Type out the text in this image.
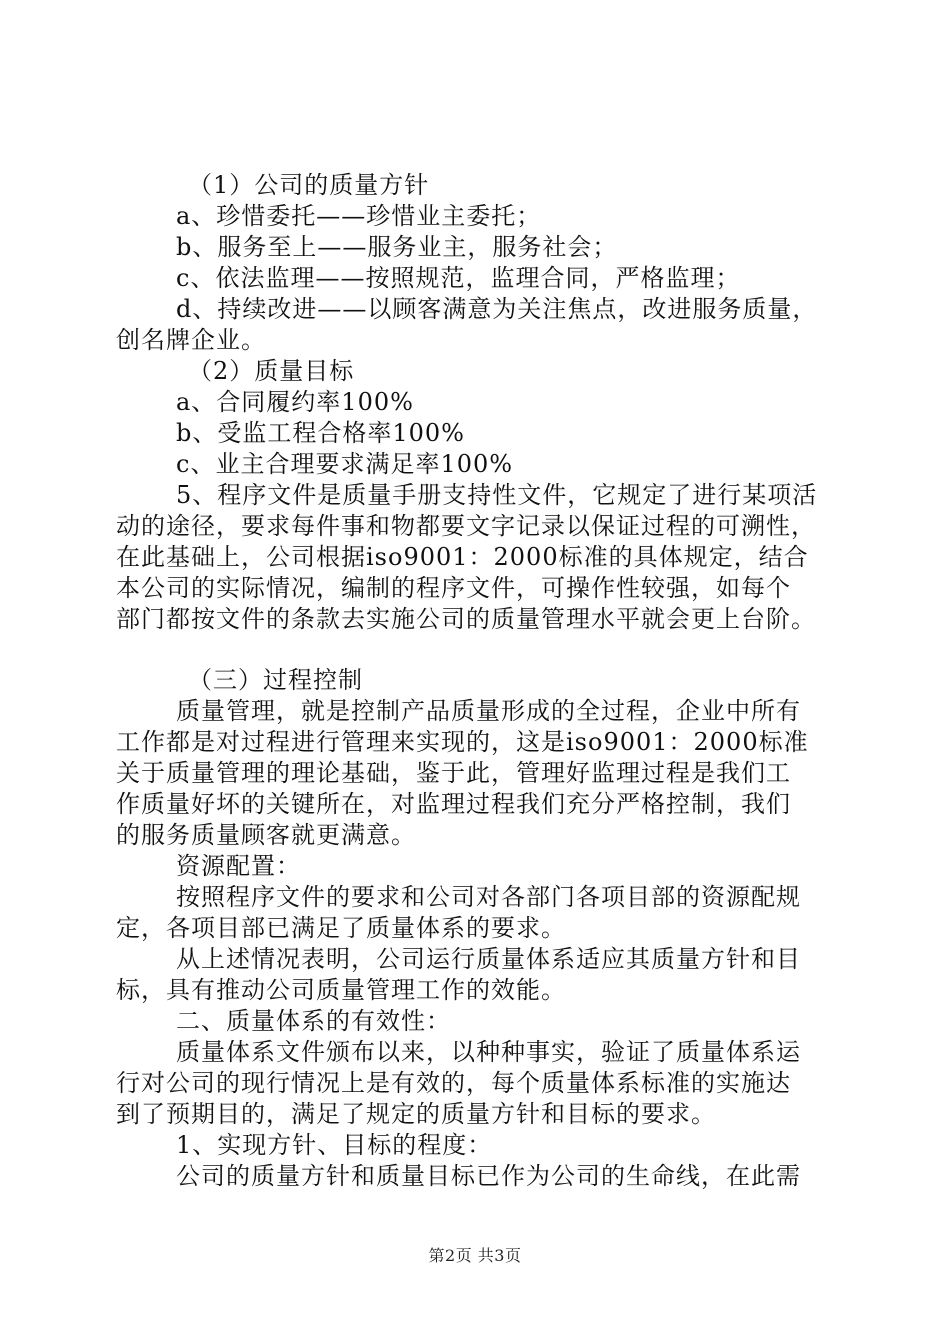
（1）公司的质量方针
a、珍惜委托——珍惜业主委托；
b、服务至上——服务业主，服务社会；
c、依法监理——按照规范，监理合同，严格监理；
d、持续改进——以顾客满意为关注焦点，改进服务质量，
创名牌企业。
（2）质量目标
a、合同履约率100%
b、受监工程合格率100%
c、业主合理要求满足率100%
5、程序文件是质量手册支持性文件，它规定了进行某项活
动的途径，要求每件事和物都要文字记录以保证过程的可溯性，
在此基础上，公司根据iso9001：2000标准的具体规定，结合
本公司的实际情况，编制的程序文件，可操作性较强，如每个
部门都按文件的条款去实施公司的质量管理水平就会更上台阶。
（三）过程控制
质量管理，就是控制产品质量形成的全过程，企业中所有
工作都是对过程进行管理来实现的，这是iso9001：2000标准
关于质量管理的理论基础，鉴于此，管理好监理过程是我们工
作质量好坏的关键所在，对监理过程我们充分严格控制，我们
的服务质量顾客就更满意。
资源配置：
按照程序文件的要求和公司对各部门各项目部的资源配规
定，各项目部已满足了质量体系的要求。
从上述情况表明，公司运行质量体系适应其质量方针和目
标，具有推动公司质量管理工作的效能。
二、质量体系的有效性：
质量体系文件颁布以来，以种种事实，验证了质量体系运
行对公司的现行情况上是有效的，每个质量体系标准的实施达
到了预期目的，满足了规定的质量方针和目标的要求。
1、实现方针、目标的程度：
公司的质量方针和质量目标已作为公司的生命线，在此需
第2页 共3页
